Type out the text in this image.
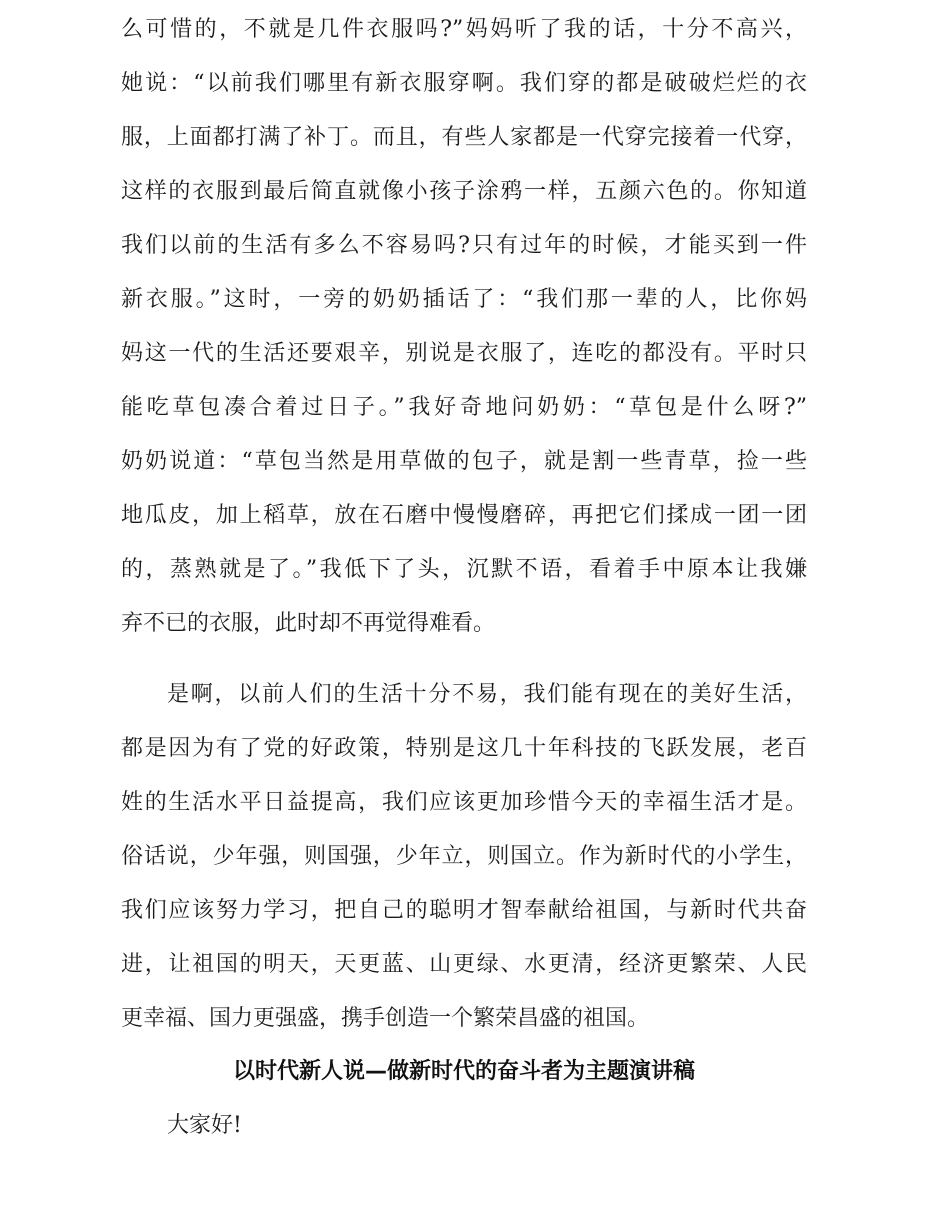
么可惜的，不就是几件衣服吗?”妈妈听了我的话，十分不高兴，
她说：“以前我们哪里有新衣服穿啊。我们穿的都是破破烂烂的衣
服，上面都打满了补丁。而且，有些人家都是一代穿完接着一代穿，
这样的衣服到最后简直就像小孩子涂鸦一样，五颜六色的。你知道
我们以前的生活有多么不容易吗?只有过年的时候，才能买到一件
新衣服。”这时，一旁的奶奶插话了：“我们那一辈的人，比你妈
妈这一代的生活还要艰辛，别说是衣服了，连吃的都没有。平时只
能吃草包凑合着过日子。”我好奇地问奶奶：“草包是什么呀?”
奶奶说道：“草包当然是用草做的包子，就是割一些青草，捡一些
地瓜皮，加上稻草，放在石磨中慢慢磨碎，再把它们揉成一团一团
的，蒸熟就是了。”我低下了头，沉默不语，看着手中原本让我嫌
弃不已的衣服，此时却不再觉得难看。
是啊，以前人们的生活十分不易，我们能有现在的美好生活，
都是因为有了党的好政策，特别是这几十年科技的飞跃发展，老百
姓的生活水平日益提高，我们应该更加珍惜今天的幸福生活才是。
俗话说，少年强，则国强，少年立，则国立。作为新时代的小学生，
我们应该努力学习，把自己的聪明才智奉献给祖国，与新时代共奋
进，让祖国的明天，天更蓝、山更绿、水更清，经济更繁荣、人民
更幸福、国力更强盛，携手创造一个繁荣昌盛的祖国。
以时代新人说—做新时代的奋斗者为主题演讲稿
大家好!
